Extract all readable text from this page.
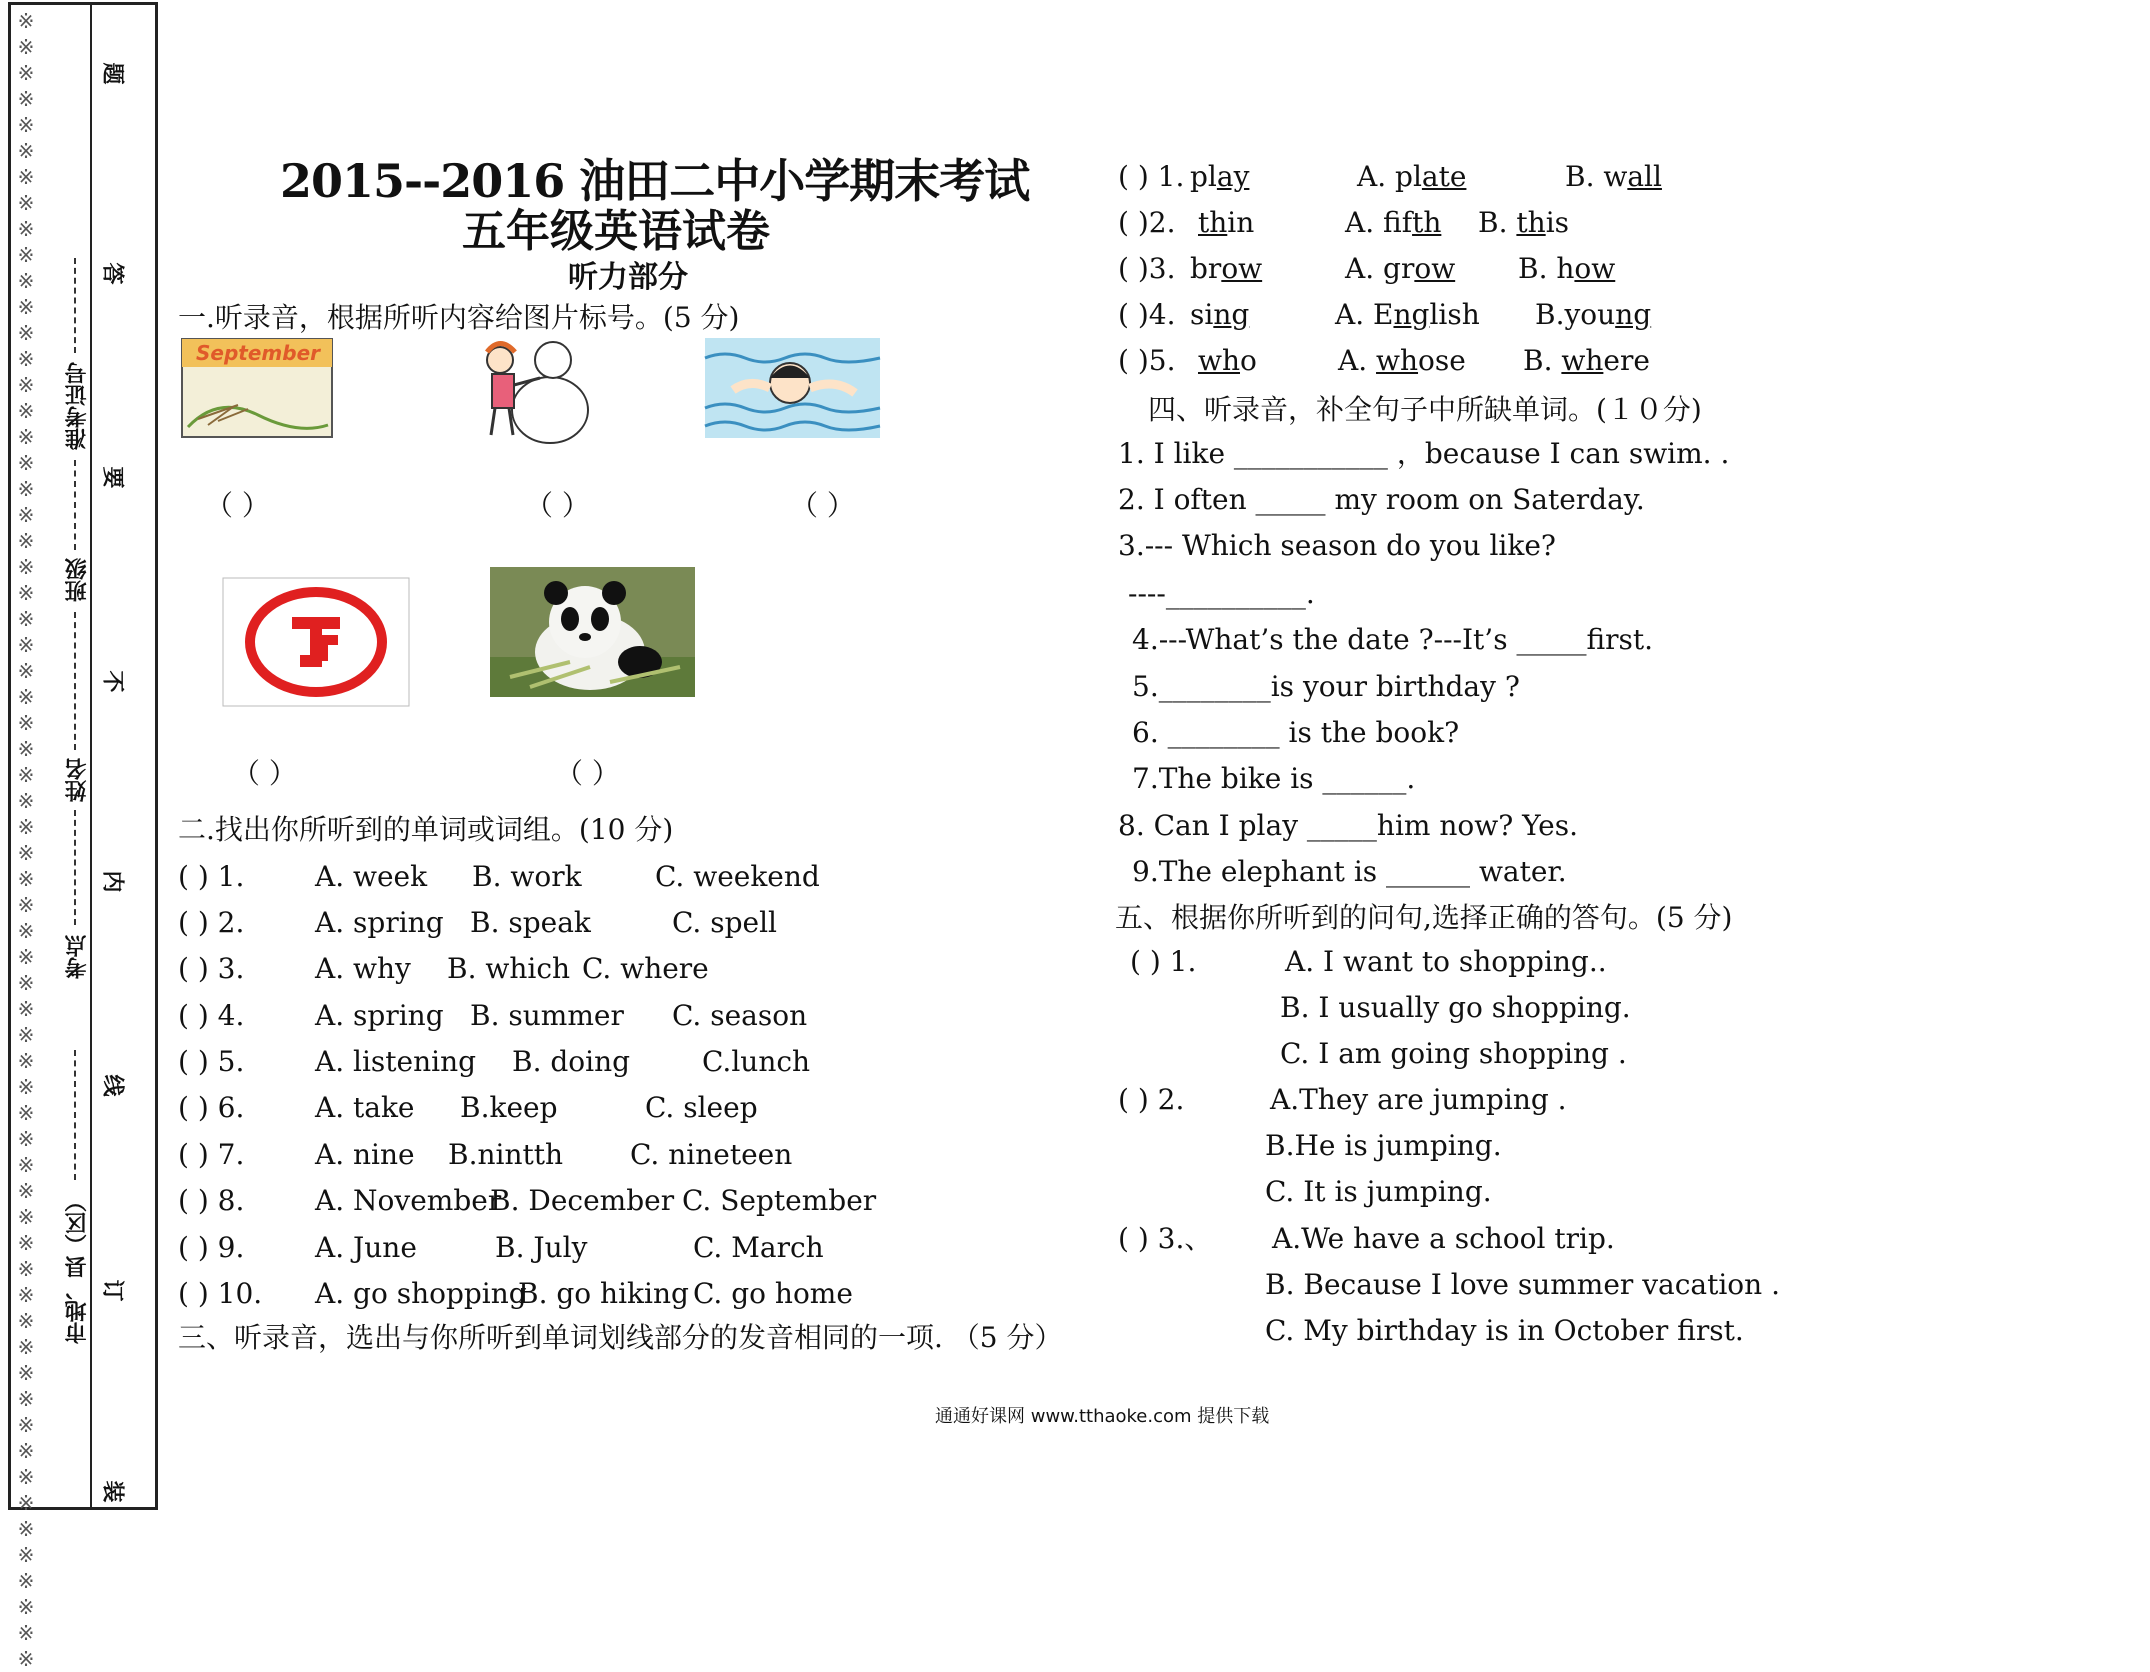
※※※※※※※※※※※※※※※※※※※※※※※※※※※※※※※※※※※※※※※※※※※※※※※※※※※※※※※※※※※※※※※※
市地、县（区）
考点
姓名
班级
准考证号
题
答
要
不
内
线
订
装
2015--2016 油田二中小学期末考试
五年级英语试卷
听力部分
一.听录音，根据所听内容给图片标号。(5 分)
September
（ ）	（ ）	（ ）
（ ）	（ ）
二.找出你所听到的单词或词组。(10 分)
( ) 1.	A. week B. work	C. weekend
( ) 2.	A. spring B. speak	C. spell
( ) 3.	A. why B. which C. where
( ) 4.	A. spring B. summer C. season
( ) 5.	A. listening B. doing	C.lunch
( ) 6.	A. take B.keep	C. sleep
( ) 7.	A. nine B.nintth C. nineteen
( ) 8.	A. November
B. December C. September
( ) 9.	A. June	B. July	C. March
( ) 10. A. go shopping
B. go hiking C. go home
三、听录音，选出与你所听到单词划线部分的发音相同的一项. （5 分）
( ) 1. play	A. plate	B. wall
( )2. thin	A. fifth B. this
( )3. brow	A. grow B. how
( )4. sing	A. English B.young
( )5. who	A. whose B. where
四、听录音，补全句子中所缺单词。(１０分)
1. I like ___________ ，because I can swim. .
2. I often _____ my room on Saterday.
3.--- Which season do you like?
----__________.
4.---What’s the date ?---It’s _____first.
5.________is your birthday ?
6. ________ is the book?
7.The bike is ______.
8. Can I play _____him now? Yes.
9.The elephant is ______ water.
五、根据你所听到的问句,选择正确的答句。(5 分)
( ) 1.	A. I want to shopping..
B. I usually go shopping.
C. I am going shopping .
( ) 2.	A.They are jumping .
B.He is jumping.
C. It is jumping.
( ) 3.、 A.We have a school trip.
B. Because I love summer vacation .
C. My birthday is in October first.
通通好课网 www.tthaoke.com 提供下载
